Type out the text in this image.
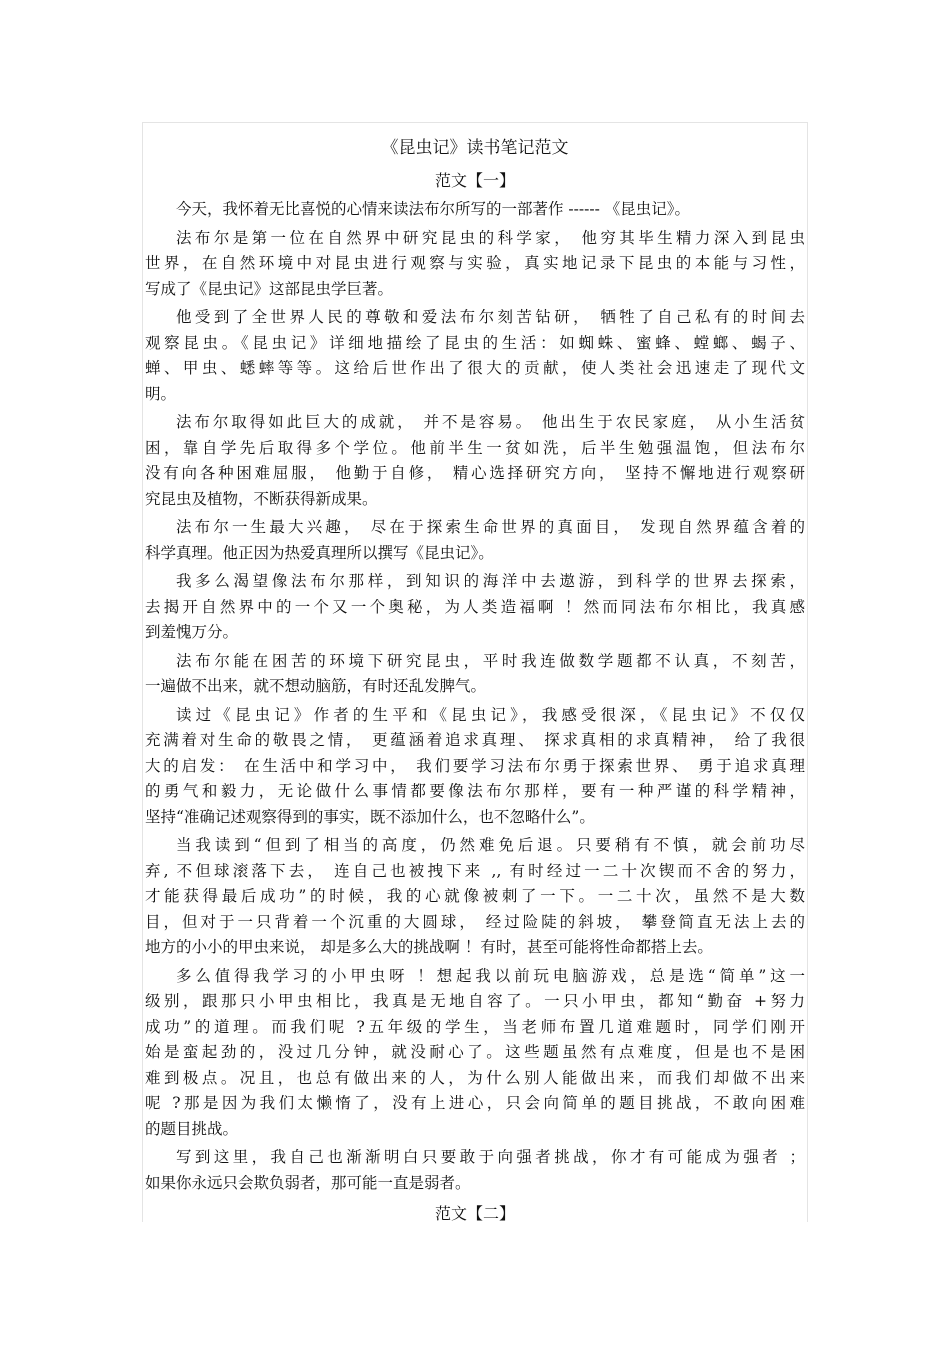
《昆虫记》读书笔记范文
范文【一】
今天，我怀着无比喜悦的心情来读法布尔所写的一部著作 ------ 《昆虫记》。
法布尔是第一位在自然界中研究昆虫的科学家， 他穷其毕生精力深入到昆虫
世界，在自然环境中对昆虫进行观察与实验，真实地记录下昆虫的本能与习性，
写成了《昆虫记》这部昆虫学巨著。
他受到了全世界人民的尊敬和爱法布尔刻苦钻研， 牺牲了自己私有的时间去
观察昆虫。《昆虫记》详细地描绘了昆虫的生活：如蜘蛛、蜜蜂、螳螂、蝎子、
蝉、甲虫、蟋蟀等等。这给后世作出了很大的贡献，使人类社会迅速走了现代文
明。
法布尔取得如此巨大的成就， 并不是容易。 他出生于农民家庭， 从小生活贫
困，靠自学先后取得多个学位。他前半生一贫如洗，后半生勉强温饱，但法布尔
没有向各种困难屈服， 他勤于自修， 精心选择研究方向， 坚持不懈地进行观察研
究昆虫及植物，不断获得新成果。
法布尔一生最大兴趣， 尽在于探索生命世界的真面目， 发现自然界蕴含着的
科学真理。他正因为热爱真理所以撰写《昆虫记》。
我多么渴望像法布尔那样，到知识的海洋中去遨游，到科学的世界去探索，
去揭开自然界中的一个又一个奥秘，为人类造福啊 ！然而同法布尔相比，我真感
到羞愧万分。
法布尔能在困苦的环境下研究昆虫，平时我连做数学题都不认真，不刻苦，
一遍做不出来，就不想动脑筋，有时还乱发脾气。
读过《昆虫记》作者的生平和《昆虫记》，我感受很深，《昆虫记》不仅仅
充满着对生命的敬畏之情， 更蕴涵着追求真理、 探求真相的求真精神， 给了我很
大的启发： 在生活中和学习中， 我们要学习法布尔勇于探索世界、 勇于追求真理
的勇气和毅力，无论做什么事情都要像法布尔那样，要有一种严谨的科学精神，
坚持“准确记述观察得到的事实，既不添加什么，也不忽略什么”。
当我读到“但到了相当的高度，仍然难免后退。只要稍有不慎，就会前功尽
弃, 不但球滚落下去， 连自己也被拽下来 ,, 有时经过一二十次锲而不舍的努力，
才能获得最后成功”的时候，我的心就像被刺了一下。一二十次，虽然不是大数
目，但对于一只背着一个沉重的大圆球， 经过险陡的斜坡， 攀登简直无法上去的
地方的小小的甲虫来说， 却是多么大的挑战啊 ！有时，甚至可能将性命都搭上去。
多么值得我学习的小甲虫呀 ！想起我以前玩电脑游戏，总是选“简单”这一
级别，跟那只小甲虫相比，我真是无地自容了。一只小甲虫，都知“勤奋 +努力
成功”的道理。而我们呢 ?五年级的学生，当老师布置几道难题时，同学们刚开
始是蛮起劲的，没过几分钟，就没耐心了。这些题虽然有点难度，但是也不是困
难到极点。况且，也总有做出来的人，为什么别人能做出来，而我们却做不出来
呢 ?那是因为我们太懒惰了，没有上进心，只会向简单的题目挑战，不敢向困难
的题目挑战。
写到这里，我自己也渐渐明白只要敢于向强者挑战，你才有可能成为强者 ；
如果你永远只会欺负弱者，那可能一直是弱者。
范文【二】
